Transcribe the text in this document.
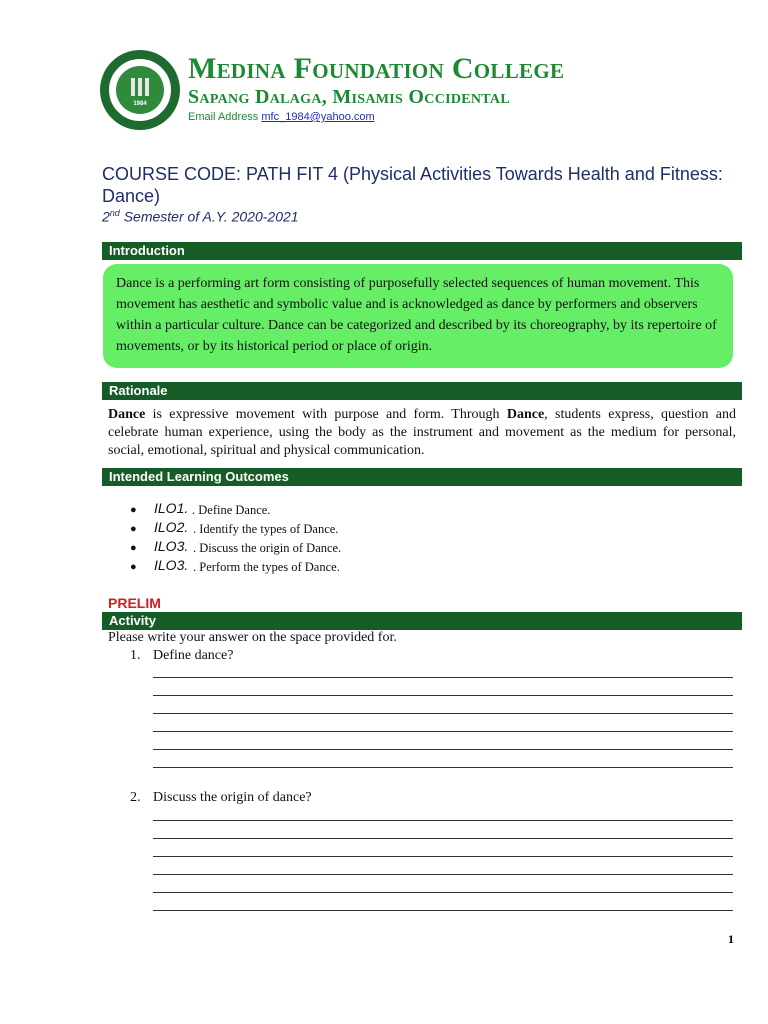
1984
Medina Foundation College
Sapang Dalaga, Misamis Occidental
Email Address mfc_1984@yahoo.com
COURSE CODE: PATH FIT 4 (Physical Activities Towards Health and Fitness: Dance)
2nd Semester of A.Y. 2020-2021
Introduction
Dance is a performing art form consisting of purposefully selected sequences of human movement. This movement has aesthetic and symbolic value and is acknowledged as dance by performers and observers within a particular culture. Dance can be categorized and described by its choreography, by its repertoire of movements, or by its historical period or place of origin.
Rationale
Dance is expressive movement with purpose and form. Through Dance, students express, question and celebrate human experience, using the body as the instrument and movement as the medium for personal, social, emotional, spiritual and physical communication.
Intended Learning Outcomes
● ILO1. . Define Dance.
● ILO2. . Identify the types of Dance.
● ILO3. . Discuss the origin of Dance.
● ILO3. . Perform the types of Dance.
PRELIM
Activity
Please write your answer on the space provided for.
1. Define dance?
2. Discuss the origin of dance?
1
